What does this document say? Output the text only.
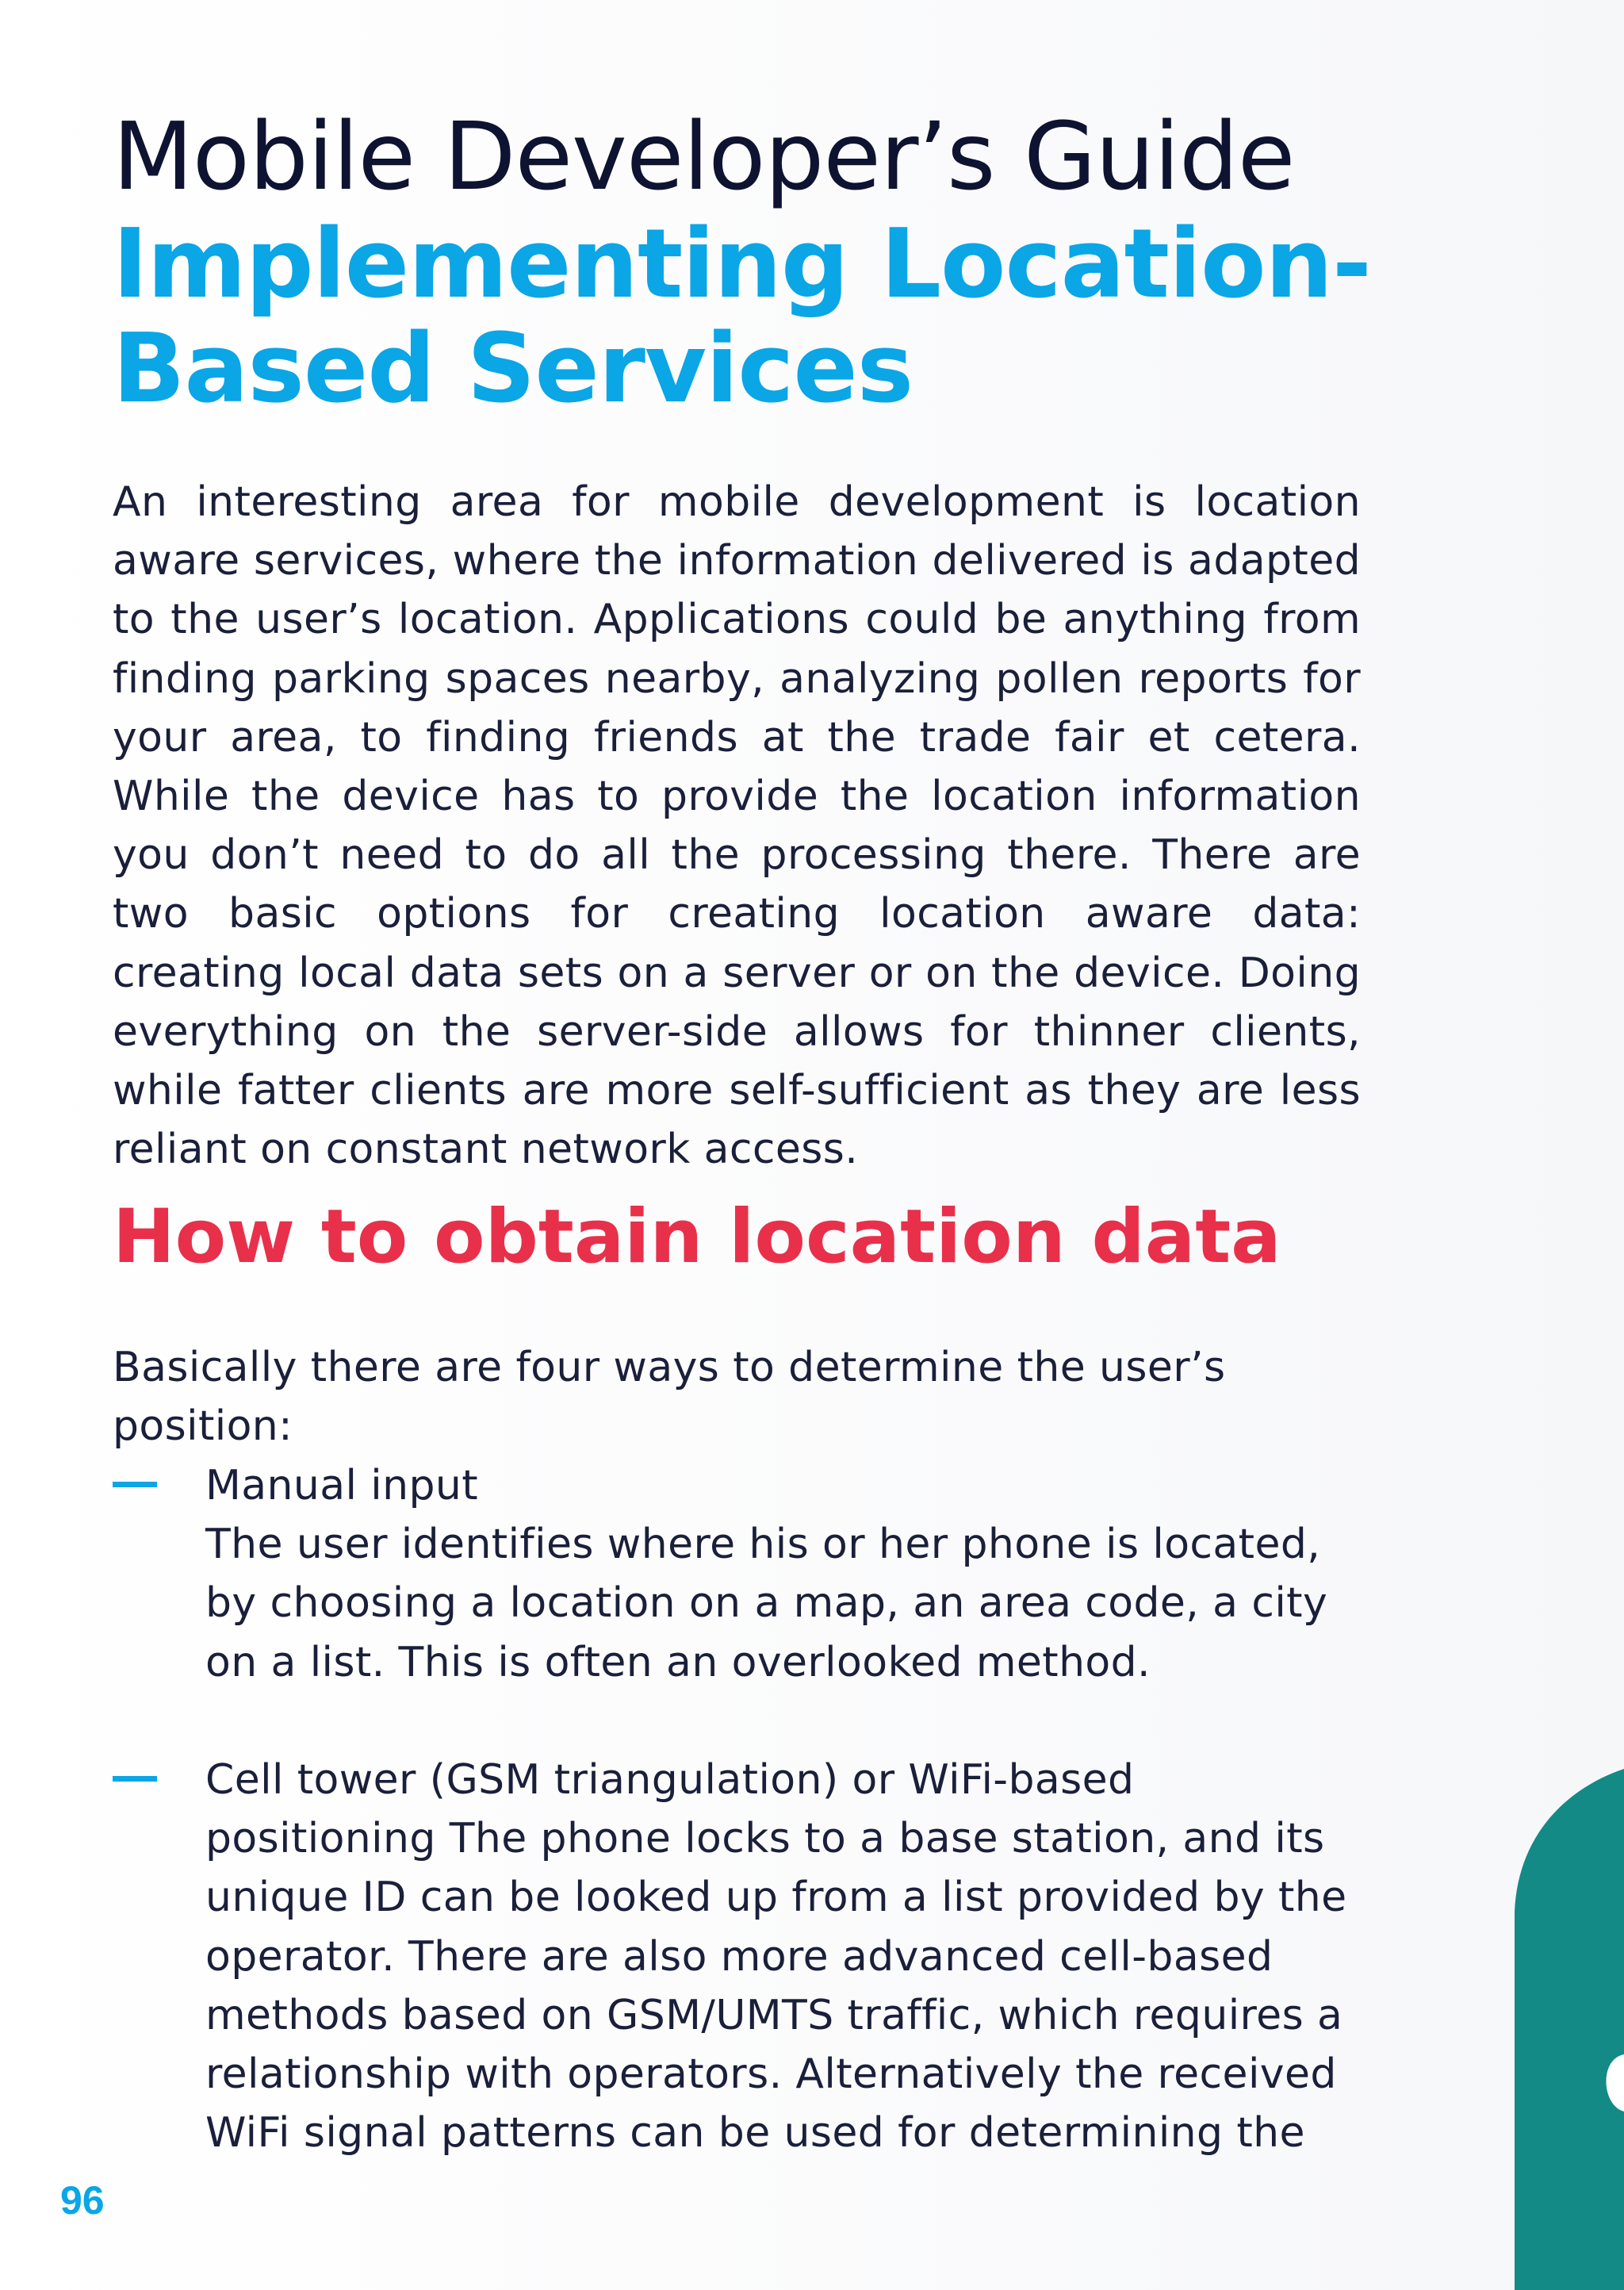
Mobile Developer’s Guide
Implementing Location-Based Services

An interesting area for mobile development is location aware services, where the information delivered is adapted to the user’s location. Applications could be anything from finding parking spaces nearby, analyzing pollen reports for your area, to finding friends at the trade fair et cetera. While the device has to provide the location information you don’t need to do all the processing there. There are two basic options for creating location aware data: creating local data sets on a server or on the device. Doing everything on the server-side allows for thinner clients, while fatter clients are more self-sufficient as they are less reliant on constant network access.

How to obtain location data

Basically there are four ways to determine the user’s position:

Manual input
The user identifies where his or her phone is located,
by choosing a location on a map, an area code, a city
on a list. This is often an overlooked method.

Cell tower (GSM triangulation) or WiFi-based
positioning The phone locks to a base station, and its
unique ID can be looked up from a list provided by the
operator. There are also more advanced cell-based
methods based on GSM/UMTS traffic, which requires a
relationship with operators. Alternatively the received
WiFi signal patterns can be used for determining the

96
